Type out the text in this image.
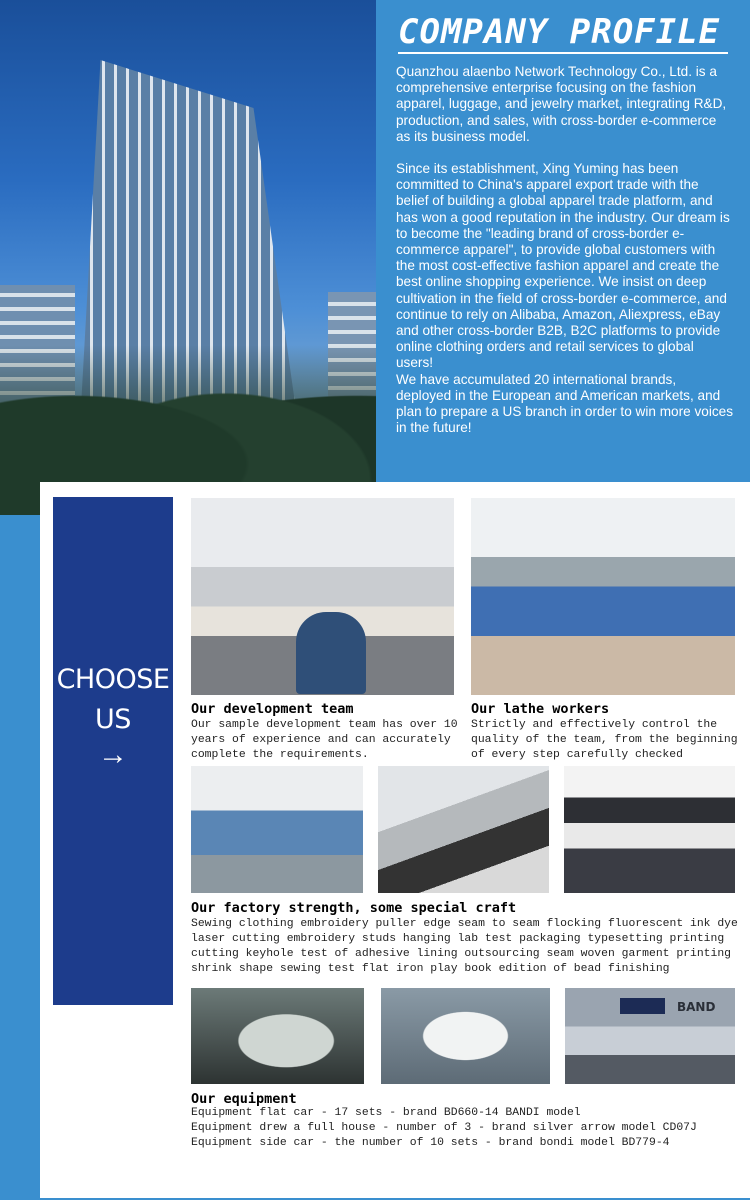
COMPANY PROFILE

Quanzhou alaenbo Network Technology Co., Ltd. is a comprehensive enterprise focusing on the fashion apparel, luggage, and jewelry market, integrating R&D, production, and sales, with cross-border e-commerce as its business model.

Since its establishment, Xing Yuming has been committed to China's apparel export trade with the belief of building a global apparel trade platform, and has won a good reputation in the industry. Our dream is to become the "leading brand of cross-border e-commerce apparel", to provide global customers with the most cost-effective fashion apparel and create the best online shopping experience. We insist on deep cultivation in the field of cross-border e-commerce, and continue to rely on Alibaba, Amazon, Aliexpress, eBay and other cross-border B2B, B2C platforms to provide online clothing orders and retail services to global users!

We have accumulated 20 international brands, deployed in the European and American markets, and plan to prepare a US branch in order to win more voices in the future!

CHOOSE
US
→
BAND
Our development team
Our sample development team has over 10
years of experience and can accurately
complete the requirements.
Our lathe workers
Strictly and effectively control the
quality of the team, from the beginning
of every step carefully checked
Our factory strength, some special craft
Sewing clothing embroidery puller edge seam to seam flocking fluorescent ink dye
laser cutting embroidery studs hanging lab test packaging typesetting printing
cutting keyhole test of adhesive lining outsourcing seam woven garment printing
shrink shape sewing test flat iron play book edition of bead finishing
Our equipment
Equipment flat car - 17 sets - brand BD660-14 BANDI model
Equipment drew a full house - number of 3 - brand silver arrow model CD07J
Equipment side car - the number of 10 sets - brand bondi model BD779-4
